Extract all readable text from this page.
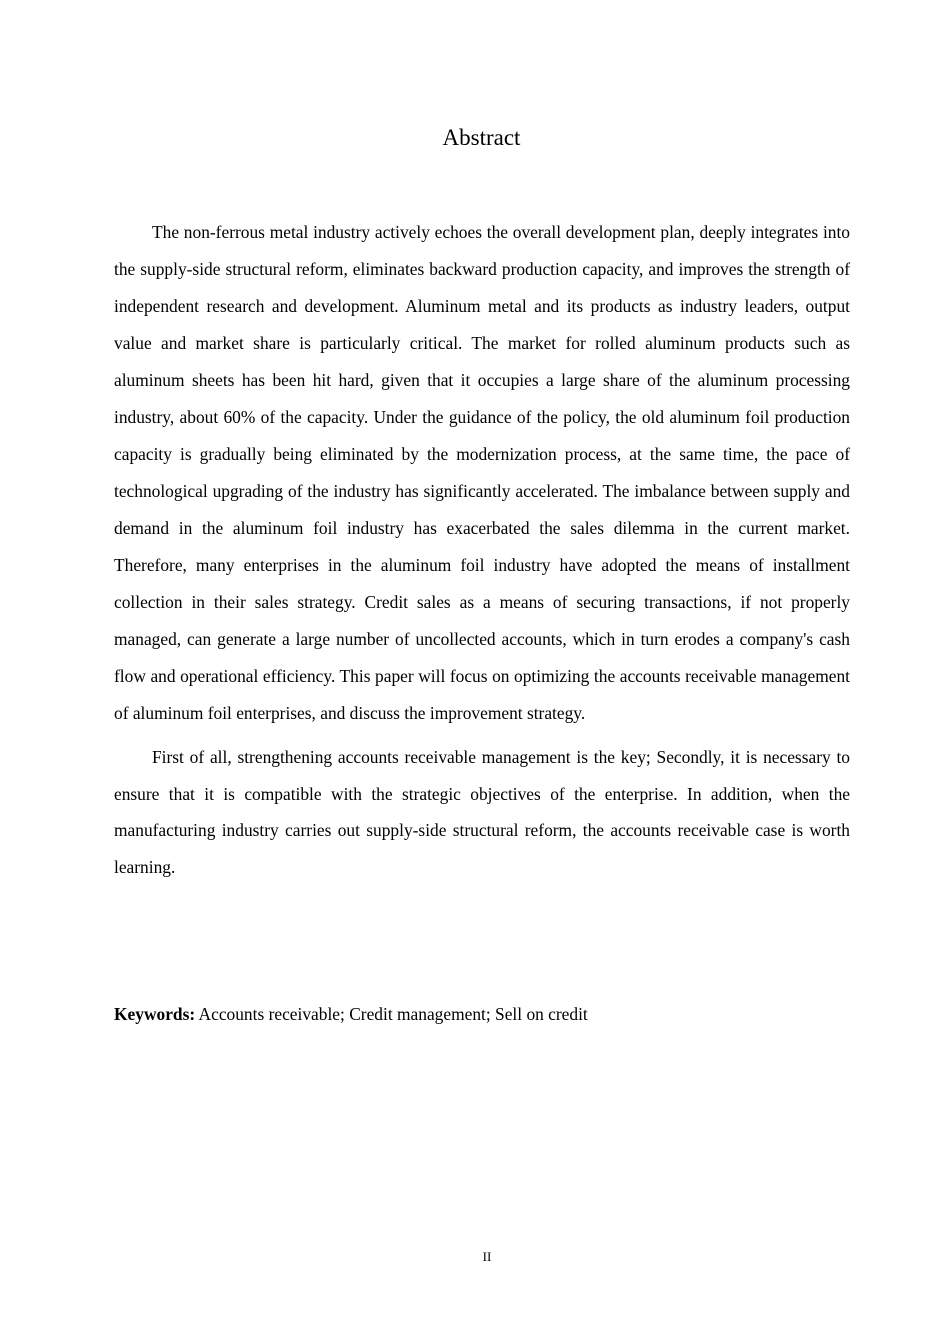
Abstract

The non-ferrous metal industry actively echoes the overall development plan, deeply integrates into the supply-side structural reform, eliminates backward production capacity, and improves the strength of independent research and development. Aluminum metal and its products as industry leaders, output value and market share is particularly critical. The market for rolled aluminum products such as aluminum sheets has been hit hard, given that it occupies a large share of the aluminum processing industry, about 60% of the capacity. Under the guidance of the policy, the old aluminum foil production capacity is gradually being eliminated by the modernization process, at the same time, the pace of technological upgrading of the industry has significantly accelerated. The imbalance between supply and demand in the aluminum foil industry has exacerbated the sales dilemma in the current market. Therefore, many enterprises in the aluminum foil industry have adopted the means of installment collection in their sales strategy. Credit sales as a means of securing transactions, if not properly managed, can generate a large number of uncollected accounts, which in turn erodes a company's cash flow and operational efficiency. This paper will focus on optimizing the accounts receivable management of aluminum foil enterprises, and discuss the improvement strategy.

First of all, strengthening accounts receivable management is the key; Secondly, it is necessary to ensure that it is compatible with the strategic objectives of the enterprise. In addition, when the manufacturing industry carries out supply-side structural reform, the accounts receivable case is worth learning.

Keywords: Accounts receivable; Credit management; Sell on credit
II
